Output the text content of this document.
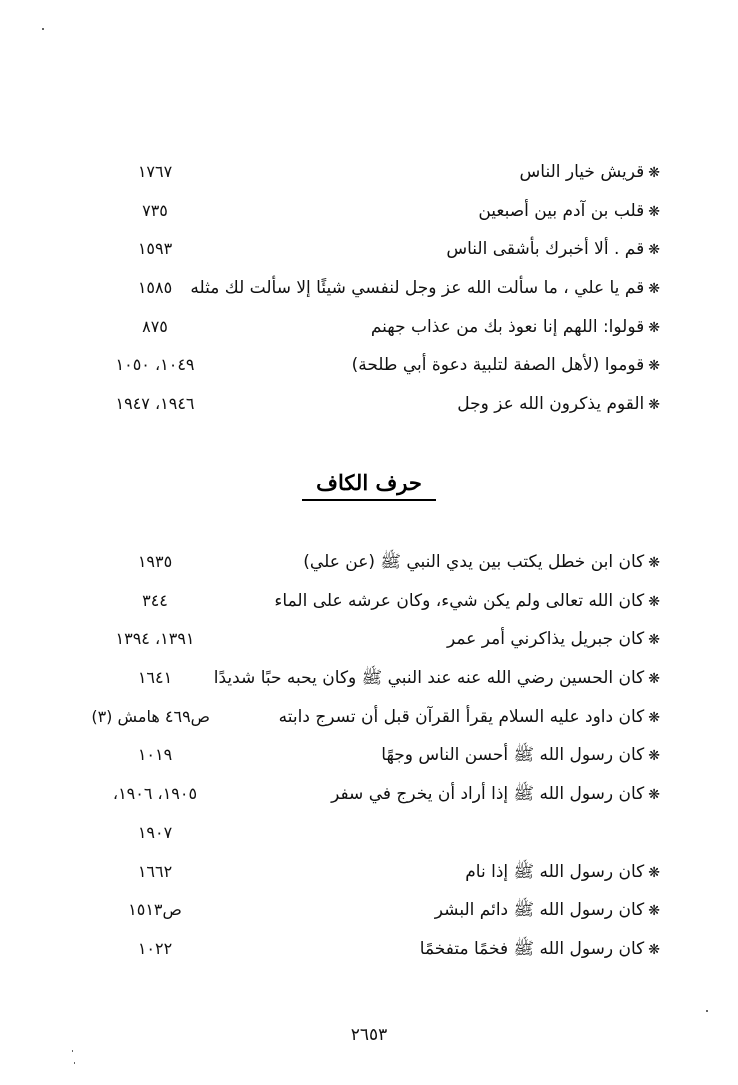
❋قريش خيار الناس
١٧٦٧
❋قلب بن آدم بين أصبعين
٧٣٥
❋قم . ألا أخبرك بأشقى الناس
١٥٩٣
❋قم يا علي ، ما سألت الله عز وجل لنفسي شيئًا إلا سألت لك مثله
١٥٨٥
❋قولوا: اللهم إنا نعوذ بك من عذاب جهنم
٨٧٥
❋قوموا (لأهل الصفة لتلبية دعوة أبي طلحة)
١٠٤٩، ١٠٥٠
❋القوم يذكرون الله عز وجل
١٩٤٦، ١٩٤٧
حرف الكاف
❋كان ابن خطل يكتب بين يدي النبي ﷺ (عن علي)
١٩٣٥
❋كان الله تعالى ولم يكن شيء، وكان عرشه على الماء
٣٤٤
❋كان جبريل يذاكرني أمر عمر
١٣٩١، ١٣٩٤
❋كان الحسين رضي الله عنه عند النبي ﷺ وكان يحبه حبًا شديدًا
١٦٤١
❋كان داود عليه السلام يقرأ القرآن قبل أن تسرج دابته
ص٤٦٩ هامش (٣)
❋كان رسول الله ﷺ أحسن الناس وجهًا
١٠١٩
❋كان رسول الله ﷺ إذا أراد أن يخرج في سفر
١٩٠٥، ١٩٠٦،
١٩٠٧
❋كان رسول الله ﷺ إذا نام
١٦٦٢
❋كان رسول الله ﷺ دائم البشر
ص١٥١٣
❋كان رسول الله ﷺ فخمًا متفخمًا
١٠٢٢
٢٦٥٣
